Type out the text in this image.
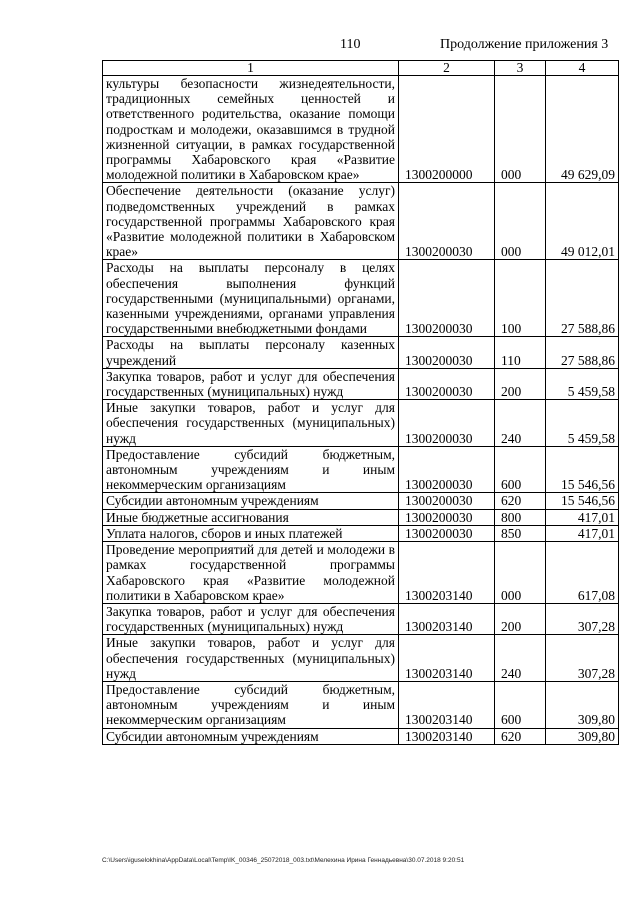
110	Продолжение приложения 3
1	2	3	4
культуры безопасности жизнедеятельности, традиционных семейных ценностей и ответственного родительства, оказание помощи подросткам и молодежи, оказавшимся в трудной жизненной ситуации, в рамках государственной программы Хабаровского края «Развитие молодежной политики в Хабаровском крае»	1300200000	000	49 629,09
Обеспечение деятельности (оказание услуг) подведомственных учреждений в рамках государственной программы Хабаровского края «Развитие молодежной политики в Хабаровском крае»	1300200030	000	49 012,01
Расходы на выплаты персоналу в целях обеспечения выполнения функций государственными (муниципальными) органами, казенными учреждениями, органами управления государственными внебюджетными фондами	1300200030	100	27 588,86
Расходы на выплаты персоналу казенных учреждений	1300200030	110	27 588,86
Закупка товаров, работ и услуг для обеспечения государственных (муниципальных) нужд	1300200030	200	5 459,58
Иные закупки товаров, работ и услуг для обеспечения государственных (муниципальных) нужд	1300200030	240	5 459,58
Предоставление субсидий бюджетным, автономным учреждениям и иным некоммерческим организациям	1300200030	600	15 546,56
Субсидии автономным учреждениям	1300200030	620	15 546,56
Иные бюджетные ассигнования	1300200030	800	417,01
Уплата налогов, сборов и иных платежей	1300200030	850	417,01
Проведение мероприятий для детей и молодежи в рамках государственной программы Хабаровского края «Развитие молодежной политики в Хабаровском крае»	1300203140	000	617,08
Закупка товаров, работ и услуг для обеспечения государственных (муниципальных) нужд	1300203140	200	307,28
Иные закупки товаров, работ и услуг для обеспечения государственных (муниципальных) нужд	1300203140	240	307,28
Предоставление субсидий бюджетным, автономным учреждениям и иным некоммерческим организациям	1300203140	600	309,80
Субсидии автономным учреждениям	1300203140	620	309,80
C:\Users\iguselokhina\AppData\Local\Temp\IK_00346_25072018_003.txt\Мелехина Ирина Геннадьевна\30.07.2018 9:20:51
